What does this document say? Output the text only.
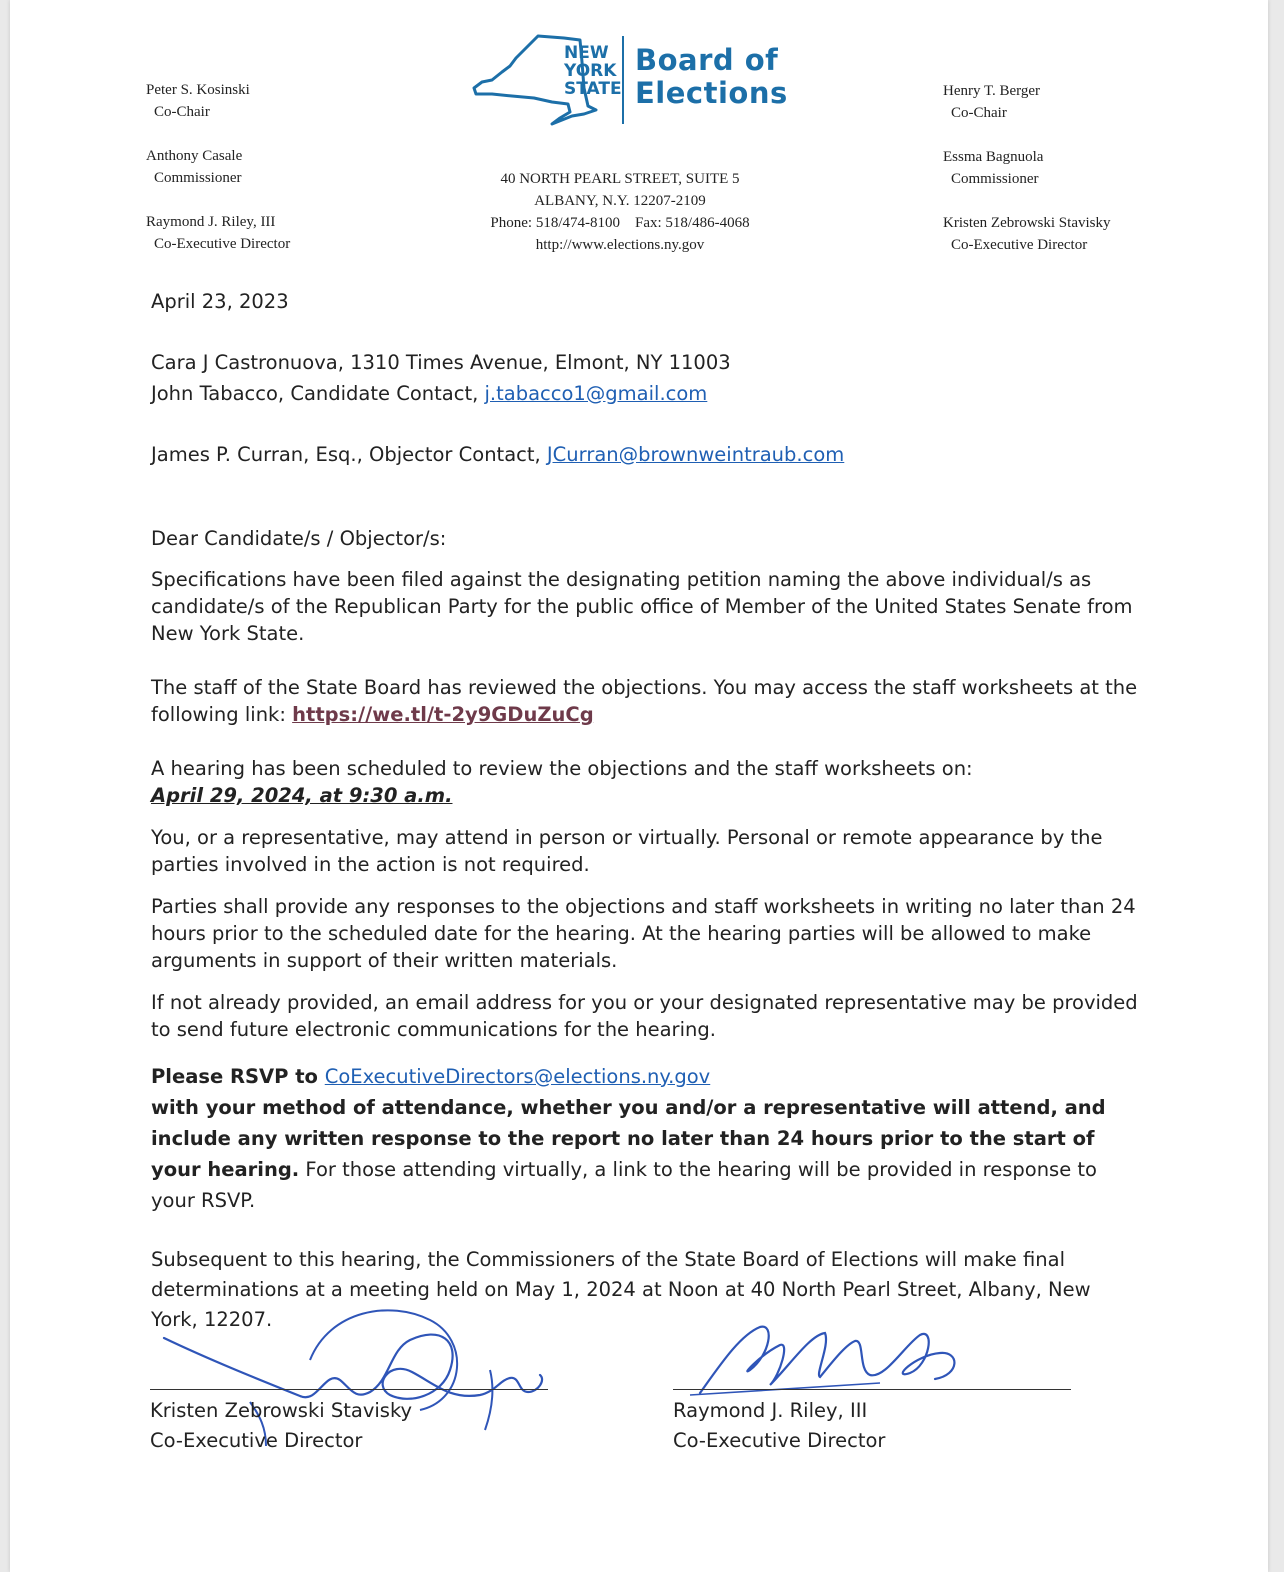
NEW
YORK
STATE
Board of
Elections
Peter S. Kosinski
Co-Chair
Anthony Casale
Commissioner
Raymond J. Riley, III
Co-Executive Director
Henry T. Berger
Co-Chair
Essma Bagnuola
Commissioner
Kristen Zebrowski Stavisky
Co-Executive Director
40 NORTH PEARL STREET, SUITE 5
ALBANY, N.Y. 12207-2109
Phone: 518/474-8100 Fax: 518/486-4068
http://www.elections.ny.gov
April 23, 2023
Cara J Castronuova, 1310 Times Avenue, Elmont, NY 11003
John Tabacco, Candidate Contact, j.tabacco1@gmail.com
James P. Curran, Esq., Objector Contact, JCurran@brownweintraub.com
Dear Candidate/s / Objector/s:
Specifications have been filed against the designating petition naming the above individual/s as candidate/s of the Republican Party for the public office of Member of the United States Senate from New York State.
The staff of the State Board has reviewed the objections. You may access the staff worksheets at the following link: https://we.tl/t-2y9GDuZuCg
A hearing has been scheduled to review the objections and the staff worksheets on:
April 29, 2024, at 9:30 a.m.
You, or a representative, may attend in person or virtually. Personal or remote appearance by the parties involved in the action is not required.
Parties shall provide any responses to the objections and staff worksheets in writing no later than 24 hours prior to the scheduled date for the hearing. At the hearing parties will be allowed to make arguments in support of their written materials.
If not already provided, an email address for you or your designated representative may be provided to send future electronic communications for the hearing.
Please RSVP to CoExecutiveDirectors@elections.ny.gov
with your method of attendance, whether you and/or a representative will attend, and include any written response to the report no later than 24 hours prior to the start of your hearing. For those attending virtually, a link to the hearing will be provided in response to your RSVP.
Subsequent to this hearing, the Commissioners of the State Board of Elections will make final determinations at a meeting held on May 1, 2024 at Noon at 40 North Pearl Street, Albany, New York, 12207.
Kristen Zebrowski Stavisky
Co-Executive Director
Raymond J. Riley, III
Co-Executive Director
